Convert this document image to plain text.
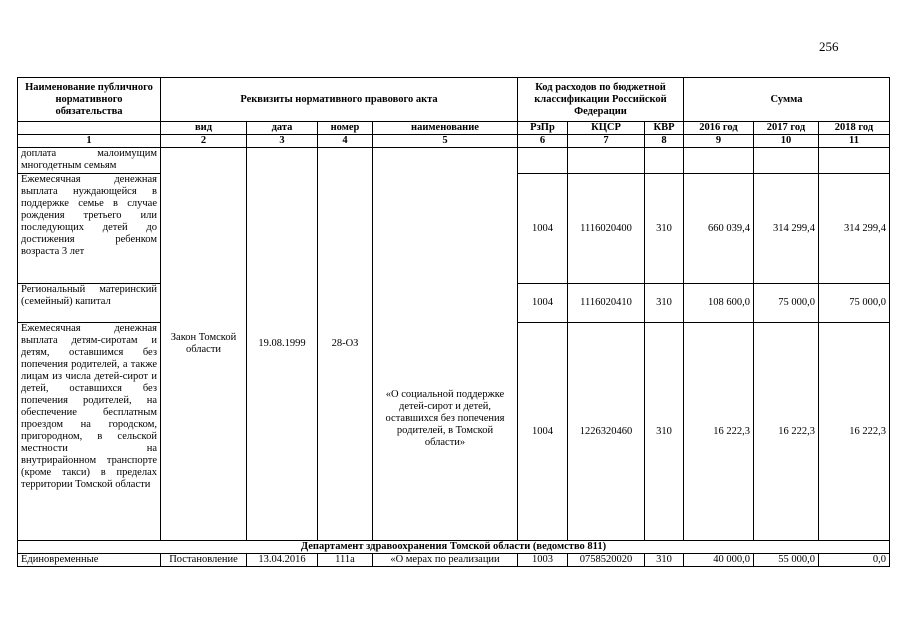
256
Наименование публичного нормативного обязательства	Реквизиты нормативного правового акта				Код расходов по бюджетной классификации Российской Федерации			Сумма		
	вид	дата	номер	наименование	РзПр	КЦСР	КВР	2016 год	2017 год	2018 год
1	2	3	4	5	6	7	8	9	10	11
доплата малоимущим многодетным семьям	Закон Томской области	19.08.1999	28-ОЗ	«О социальной поддержке детей-сирот и детей, оставшихся без попечения родителей, в Томской области»						

Ежемесячная денежная выплата нуждающейся в поддержке семье в случае рождения третьего или последующих детей до достижения ребенком возраста 3 лет					1004	1116020400	310	660 039,4	314 299,4	314 299,4
Региональный материнский (семейный) капитал					1004	1116020410	310	108 600,0	75 000,0	75 000,0
Ежемесячная денежная выплата детям-сиротам и детям, оставшимся без попечения родителей, а также лицам из числа детей-сирот и детей, оставшихся без попечения родителей, на обеспечение бесплатным проездом на городском, пригородном, в сельской местности на внутрирайонном транспорте (кроме такси) в пределах территории Томской области					1004	1226320460	310	16 222,3	16 222,3	16 222,3
Департамент здравоохранения Томской области (ведомство 811)										
Единовременные	Постановление	13.04.2016	111а	«О мерах по реализации	1003	0758520020	310	40 000,0	55 000,0	0,0
